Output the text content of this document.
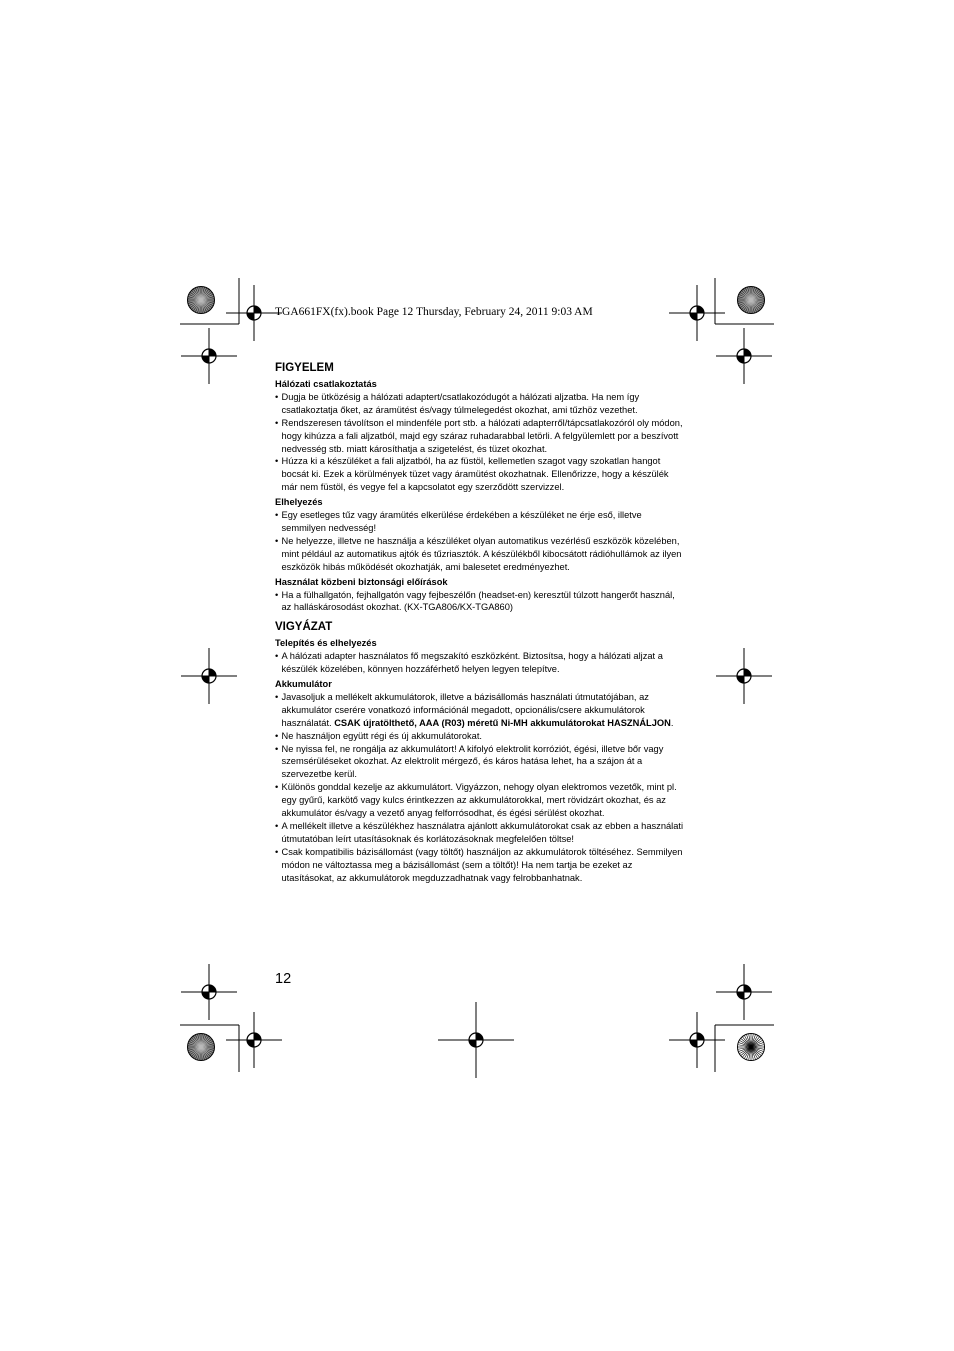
TGA661FX(fx).book Page 12 Thursday, February 24, 2011 9:03 AM
FIGYELEM
Hálózati csatlakoztatás
• Dugja be ütközésig a hálózati adaptert/csatlakozódugót a hálózati aljzatba. Ha nem így csatlakoztatja őket, az áramütést és/vagy túlmelegedést okozhat, ami tűzhöz vezethet.
• Rendszeresen távolítson el mindenféle port stb. a hálózati adapterről/tápcsatlakozóról oly módon, hogy kihúzza a fali aljzatból, majd egy száraz ruhadarabbal letörli. A felgyülemlett por a beszívott nedvesség stb. miatt károsíthatja a szigetelést, és tüzet okozhat.
• Húzza ki a készüléket a fali aljzatból, ha az füstöl, kellemetlen szagot vagy szokatlan hangot bocsát ki. Ezek a körülmények tüzet vagy áramütést okozhatnak. Ellenőrizze, hogy a készülék már nem füstöl, és vegye fel a kapcsolatot egy szerződött szervizzel.
Elhelyezés
• Egy esetleges tűz vagy áramütés elkerülése érdekében a készüléket ne érje eső, illetve semmilyen nedvesség!
• Ne helyezze, illetve ne használja a készüléket olyan automatikus vezérlésű eszközök közelében, mint például az automatikus ajtók és tűzriasztók. A készülékből kibocsátott rádióhullámok az ilyen eszközök hibás működését okozhatják, ami balesetet eredményezhet.
Használat közbeni biztonsági előírások
• Ha a fülhallgatón, fejhallgatón vagy fejbeszélőn (headset-en) keresztül túlzott hangerőt használ, az halláskárosodást okozhat. (KX-TGA806/KX-TGA860)
VIGYÁZAT
Telepítés és elhelyezés
• A hálózati adapter használatos fő megszakító eszközként. Biztosítsa, hogy a hálózati aljzat a készülék közelében, könnyen hozzáférhető helyen legyen telepítve.
Akkumulátor
• Javasoljuk a mellékelt akkumulátorok, illetve a bázisállomás használati útmutatójában, az akkumulátor cserére vonatkozó információnál megadott, opcionális/csere akkumulátorok használatát. CSAK újratölthető, AAA (R03) méretű Ni-MH akkumulátorokat HASZNÁLJON.
• Ne használjon együtt régi és új akkumulátorokat.
• Ne nyissa fel, ne rongálja az akkumulátort! A kifolyó elektrolit korróziót, égési, illetve bőr vagy szemsérüléseket okozhat. Az elektrolit mérgező, és káros hatása lehet, ha a szájon át a szervezetbe kerül.
• Különös gonddal kezelje az akkumulátort. Vigyázzon, nehogy olyan elektromos vezetők, mint pl. egy gyűrű, karkötő vagy kulcs érintkezzen az akkumulátorokkal, mert rövidzárt okozhat, és az akkumulátor és/vagy a vezető anyag felforrósodhat, és égési sérülést okozhat.
• A mellékelt illetve a készülékhez használatra ajánlott akkumulátorokat csak az ebben a használati útmutatóban leírt utasításoknak és korlátozásoknak megfelelően töltse!
• Csak kompatibilis bázisállomást (vagy töltőt) használjon az akkumulátorok töltéséhez. Semmilyen módon ne változtassa meg a bázisállomást (sem a töltőt)! Ha nem tartja be ezeket az utasításokat, az akkumulátorok megduzzadhatnak vagy felrobbanhatnak.
12
